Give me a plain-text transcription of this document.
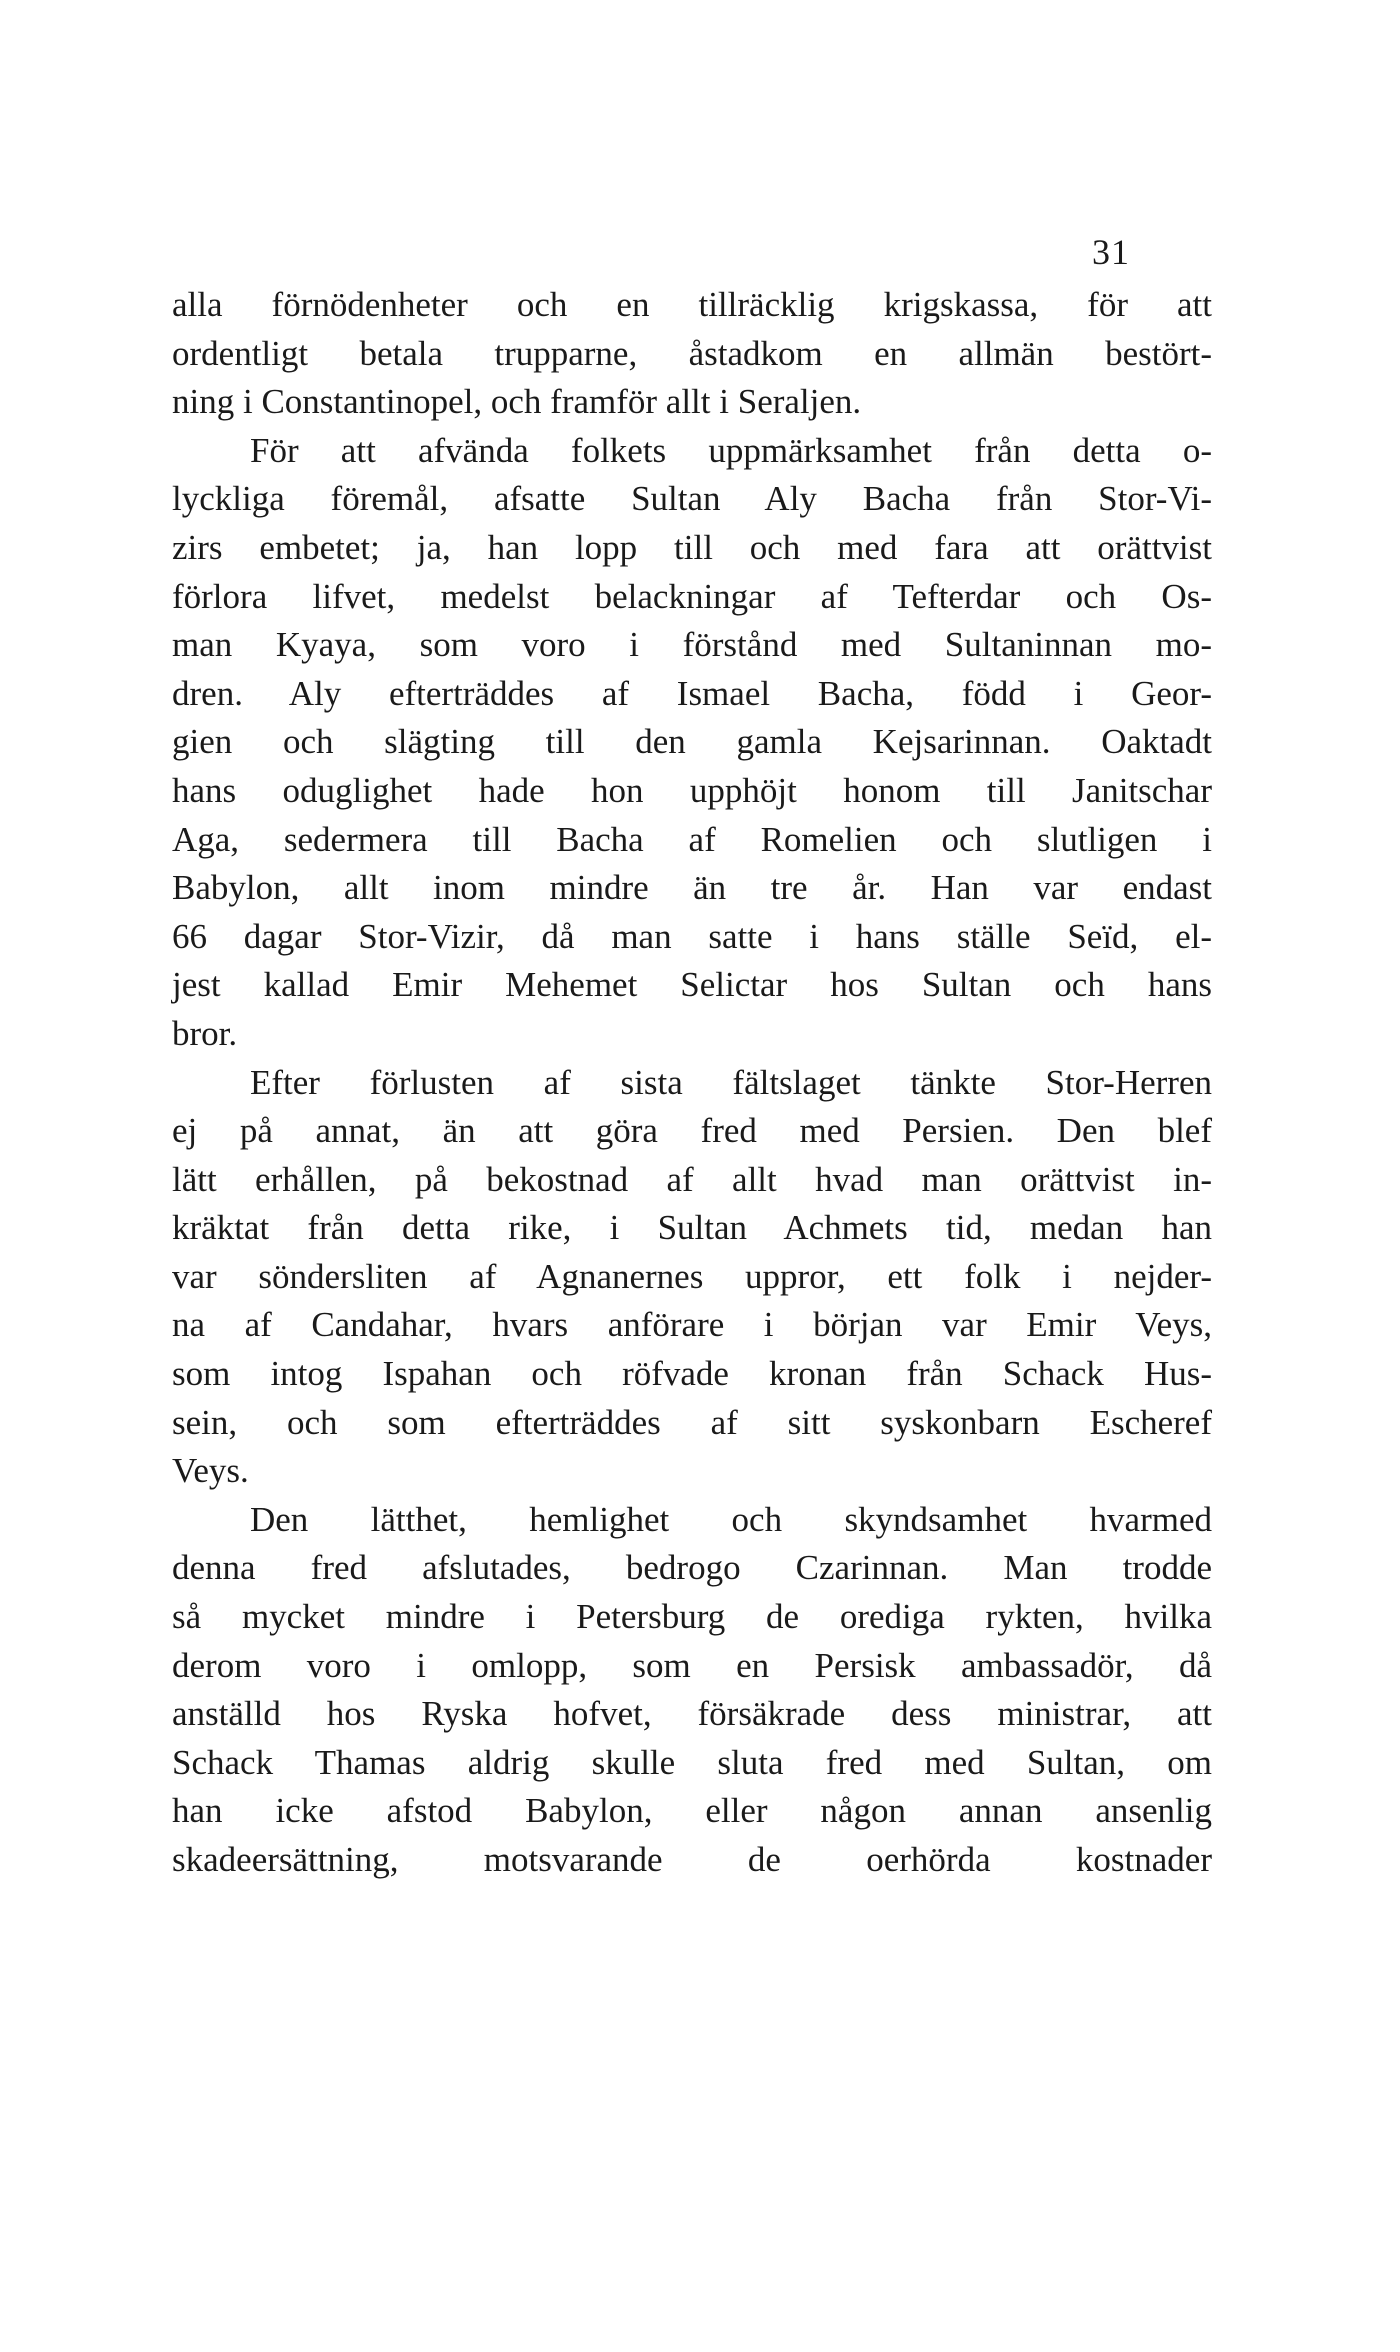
31
alla förnödenheter och en tillräcklig krigskassa, för att
ordentligt betala trupparne, åstadkom en allmän bestört-
ning i Constantinopel, och framför allt i Seraljen.
För att afvända folkets uppmärksamhet från detta o-
lyckliga föremål, afsatte Sultan Aly Bacha från Stor-Vi-
zirs embetet; ja, han lopp till och med fara att orättvist
förlora lifvet, medelst belackningar af Tefterdar och Os-
man Kyaya, som voro i förstånd med Sultaninnan mo-
dren. Aly efterträddes af Ismael Bacha, född i Geor-
gien och slägting till den gamla Kejsarinnan. Oaktadt
hans oduglighet hade hon upphöjt honom till Janitschar
Aga, sedermera till Bacha af Romelien och slutligen i
Babylon, allt inom mindre än tre år. Han var endast
66 dagar Stor-Vizir, då man satte i hans ställe Seïd, el-
jest kallad Emir Mehemet Selictar hos Sultan och hans
bror.
Efter förlusten af sista fältslaget tänkte Stor-Herren
ej på annat, än att göra fred med Persien. Den blef
lätt erhållen, på bekostnad af allt hvad man orättvist in-
kräktat från detta rike, i Sultan Achmets tid, medan han
var söndersliten af Agnanernes uppror, ett folk i nejder-
na af Candahar, hvars anförare i början var Emir Veys,
som intog Ispahan och röfvade kronan från Schack Hus-
sein, och som efterträddes af sitt syskonbarn Escheref
Veys.
Den lätthet, hemlighet och skyndsamhet hvarmed
denna fred afslutades, bedrogo Czarinnan. Man trodde
så mycket mindre i Petersburg de orediga rykten, hvilka
derom voro i omlopp, som en Persisk ambassadör, då
anställd hos Ryska hofvet, försäkrade dess ministrar, att
Schack Thamas aldrig skulle sluta fred med Sultan, om
han icke afstod Babylon, eller någon annan ansenlig
skadeersättning, motsvarande de oerhörda kostnader
